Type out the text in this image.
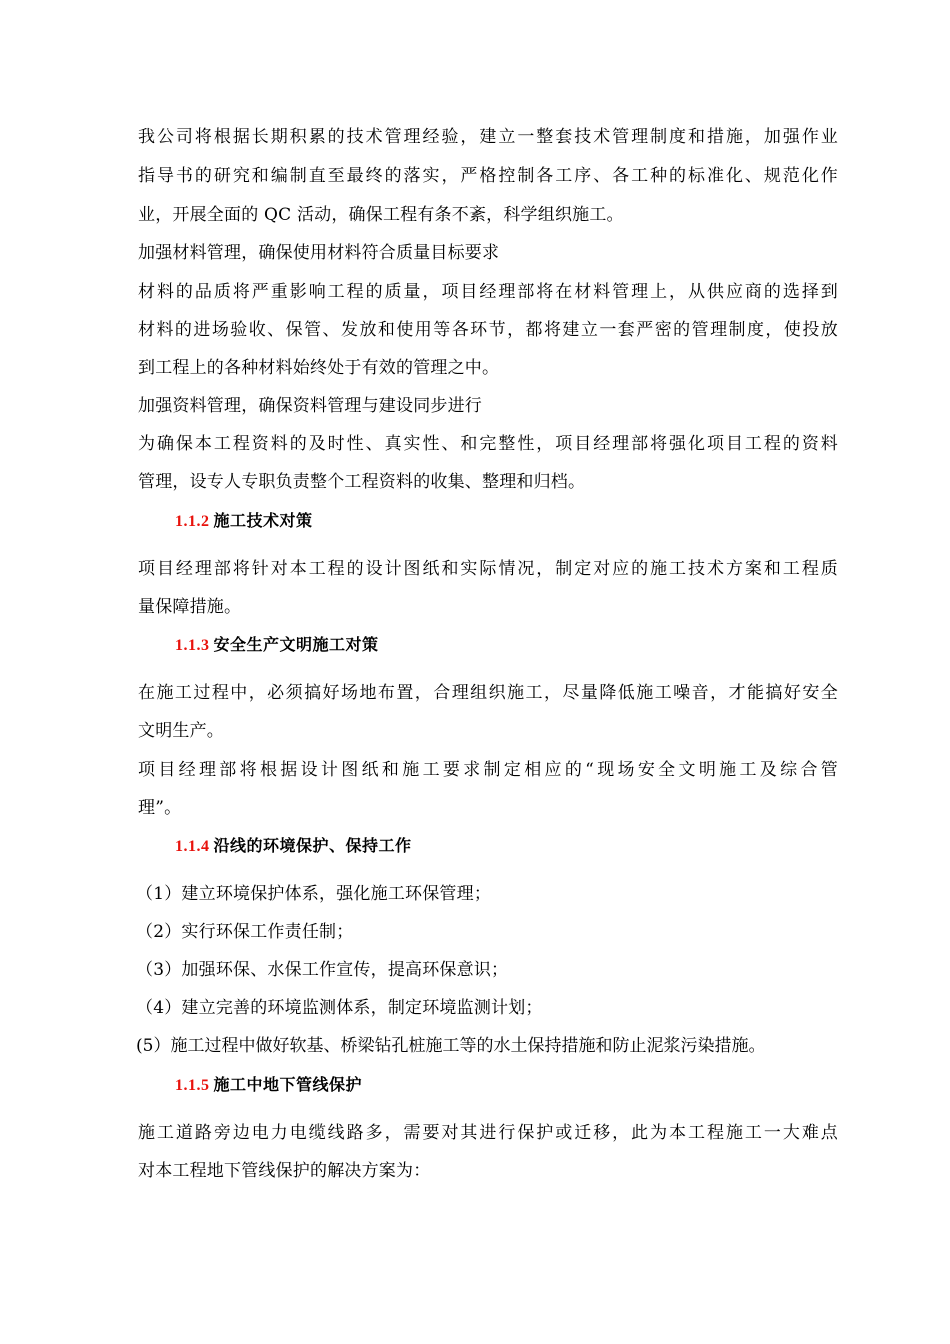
我公司将根据长期积累的技术管理经验，建立一整套技术管理制度和措施，加强作业
指导书的研究和编制直至最终的落实，严格控制各工序、各工种的标准化、规范化作
业，开展全面的 QC 活动，确保工程有条不紊，科学组织施工。
加强材料管理，确保使用材料符合质量目标要求
材料的品质将严重影响工程的质量，项目经理部将在材料管理上，从供应商的选择到
材料的进场验收、保管、发放和使用等各环节，都将建立一套严密的管理制度，使投放
到工程上的各种材料始终处于有效的管理之中。
加强资料管理，确保资料管理与建设同步进行
为确保本工程资料的及时性、真实性、和完整性，项目经理部将强化项目工程的资料
管理，设专人专职负责整个工程资料的收集、整理和归档。
1.1.2 施工技术对策
项目经理部将针对本工程的设计图纸和实际情况，制定对应的施工技术方案和工程质
量保障措施。
1.1.3 安全生产文明施工对策
在施工过程中，必须搞好场地布置，合理组织施工，尽量降低施工噪音，才能搞好安全
文明生产。
项目经理部将根据设计图纸和施工要求制定相应的“现场安全文明施工及综合管
理”。
1.1.4 沿线的环境保护、保持工作
（1）建立环境保护体系，强化施工环保管理；
（2）实行环保工作责任制；
（3）加强环保、水保工作宣传，提高环保意识；
（4）建立完善的环境监测体系，制定环境监测计划；
(5）施工过程中做好软基、桥梁钻孔桩施工等的水土保持措施和防止泥浆污染措施。
1.1.5 施工中地下管线保护
施工道路旁边电力电缆线路多，需要对其进行保护或迁移，此为本工程施工一大难点
对本工程地下管线保护的解决方案为：
